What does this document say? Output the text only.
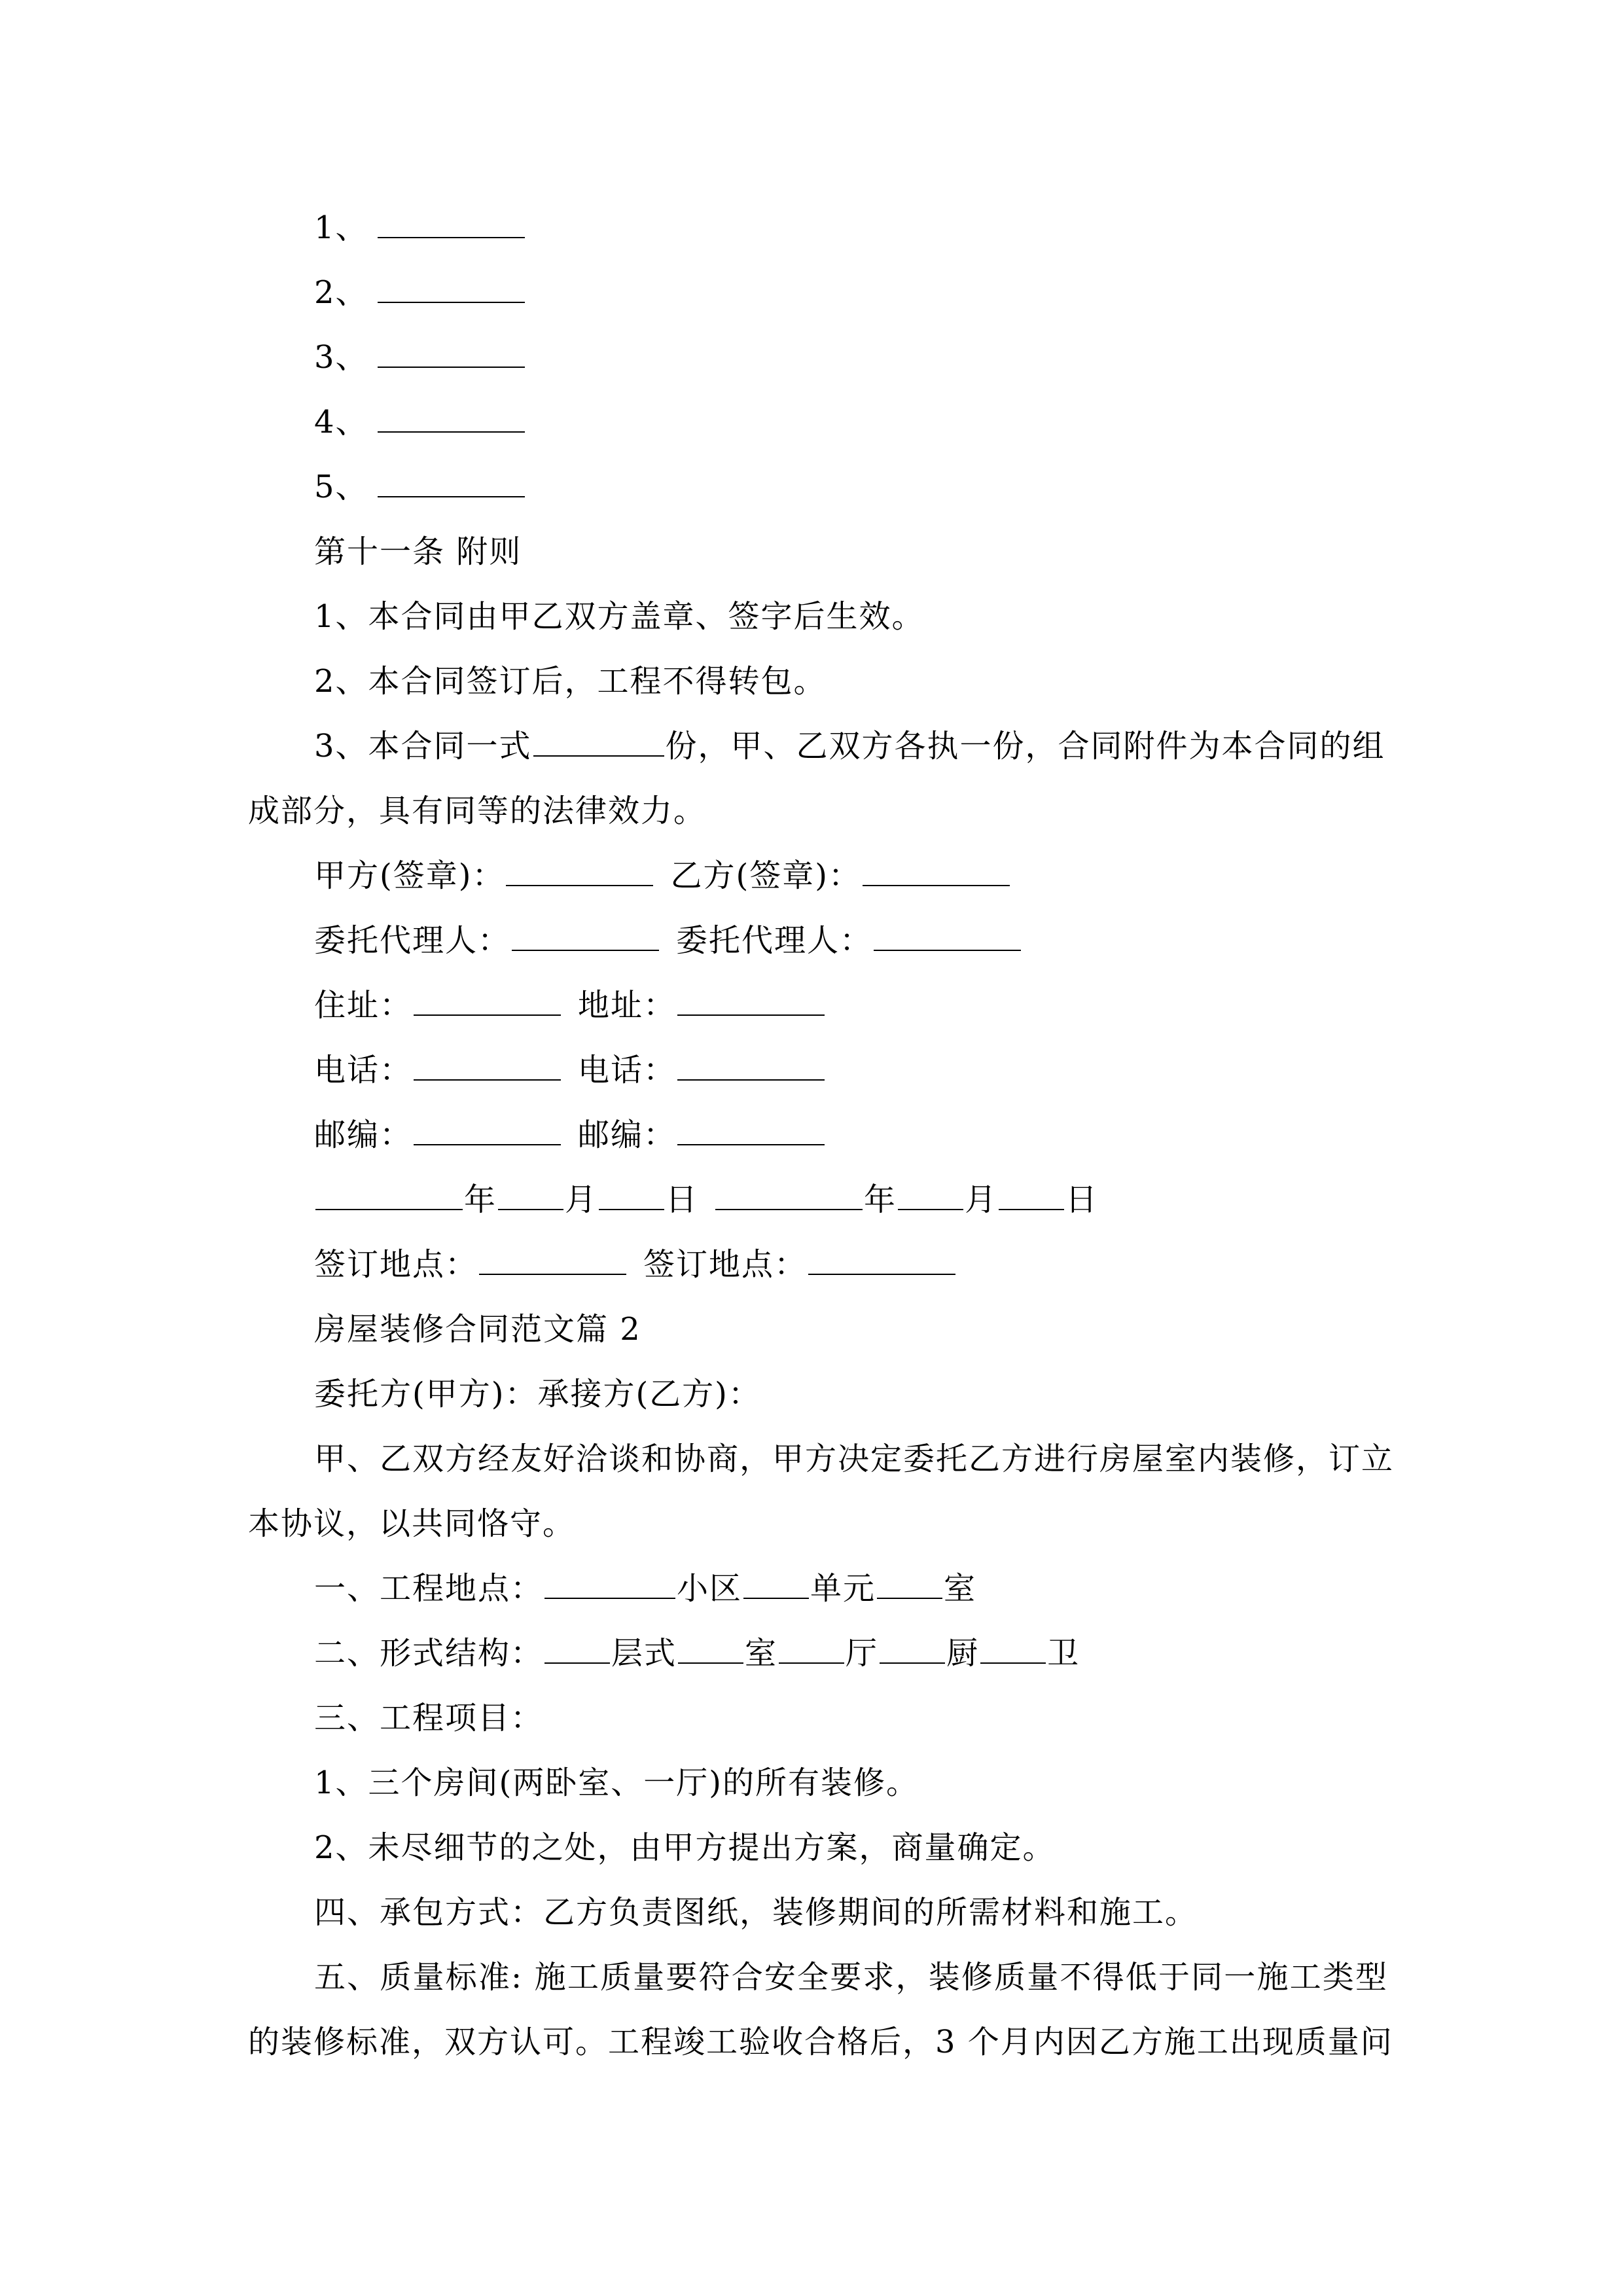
1、
2、
3、
4、
5、
第十一条 附则
1、本合同由甲乙双方盖章、签字后生效。
2、本合同签订后，工程不得转包。
3、本合同一式	份，甲、乙双方各执一份，合同附件为本合同的组
成部分，具有同等的法律效力。
甲方(签章)：	乙方(签章)：
委托代理人：	委托代理人：
住址：	地址：
电话：	电话：
邮编：	邮编：
年 月 日	年 月 日
签订地点：	签订地点：
房屋装修合同范文篇 2
委托方(甲方)：承接方(乙方)：
甲、乙双方经友好洽谈和协商，甲方决定委托乙方进行房屋室内装修，订立
本协议，以共同恪守。
一、工程地点：	小区 单元 室
二、形式结构： 层式 室 厅 厨 卫
三、工程项目：
1、三个房间(两卧室、一厅)的所有装修。
2、未尽细节的之处，由甲方提出方案，商量确定。
四、承包方式：乙方负责图纸，装修期间的所需材料和施工。
五、质量标准: 施工质量要符合安全要求，装修质量不得低于同一施工类型
的装修标准，双方认可。工程竣工验收合格后，3 个月内因乙方施工出现质量问
